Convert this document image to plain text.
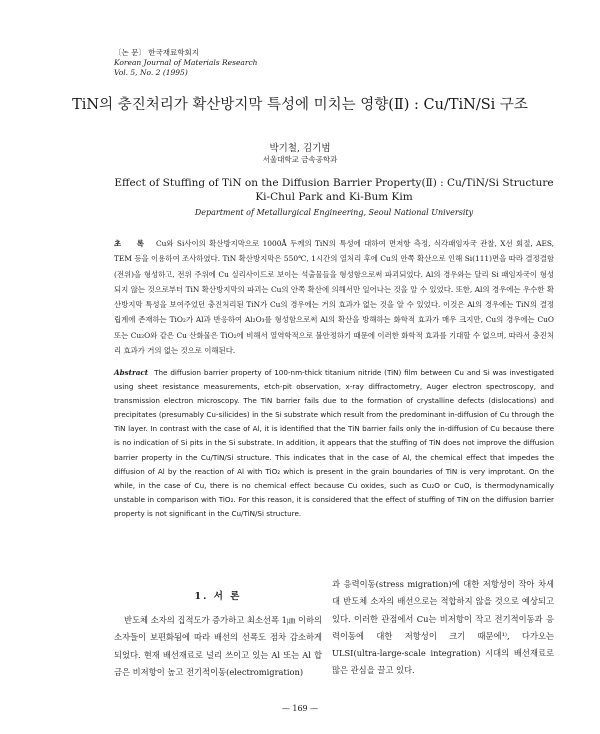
〔논 문〕 한국재료학회지
Korean Journal of Materials Research
Vol. 5, No. 2 (1995)
TiN의 충진처리가 확산방지막 특성에 미치는 영향(Ⅱ) : Cu/TiN/Si 구조
박기철, 김기범
서울대학교 금속공학과
Effect of Stuffing of TiN on the Diffusion Barrier Property(Ⅱ) : Cu/TiN/Si Structure
Ki-Chul Park and Ki-Bum Kim
Department of Metallurgical Engineering, Seoul National University
초 록 Cu와 Si사이의 확산방지막으로 1000Å 두께의 TiN의 특성에 대하여 면저항 측정, 식각패임자국 관찰, X선 회절, AES, TEM 등을 이용하여 조사하였다. TiN 확산방지막은 550℃, 1시간의 열처리 후에 Cu의 안쪽 확산으로 인해 Si(111)면을 따라 결정결함(전위)을 형성하고, 전위 주위에 Cu 실리사이드로 보이는 석출물들을 형성함으로써 파괴되었다. Al의 경우와는 달리 Si 패임자국이 형성되지 않는 것으로부터 TiN 확산방지막의 파괴는 Cu의 안쪽 확산에 의해서만 일어나는 것을 알 수 있었다. 또한, Al의 경우에는 우수한 확산방지막 특성을 보여주었던 충진처리된 TiN가 Cu의 경우에는 거의 효과가 없는 것을 알 수 있었다. 이것은 Al의 경우에는 TiN의 결정립계에 존재하는 TiO₂가 Al과 반응하여 Al₂O₃를 형성함으로써 Al의 확산을 방해하는 화학적 효과가 매우 크지만, Cu의 경우에는 CuO 또는 Cu₂O와 같은 Cu 산화물은 TiO₂에 비해서 열역학적으로 불안정하기 때문에 이러한 화학적 효과를 기대할 수 없으며, 따라서 충진처리 효과가 거의 없는 것으로 이해된다.
Abstract The diffusion barrier property of 100-nm-thick titanium nitride (TiN) film between Cu and Si was investigated using sheet resistance measurements, etch-pit observation, x-ray diffractometry, Auger electron spectroscopy, and transmission electron microscopy. The TiN barrier fails due to the formation of crystalline defects (dislocations) and precipitates (presumably Cu-silicides) in the Si substrate which result from the predominant in-diffusion of Cu through the TiN layer. In contrast with the case of Al, it is identified that the TiN barrier fails only the in-diffusion of Cu because there is no indication of Si pits in the Si substrate. In addition, it appears that the stuffing of TiN does not improve the diffusion barrier property in the Cu/TiN/Si structure. This indicates that in the case of Al, the chemical effect that impedes the diffusion of Al by the reaction of Al with TiO₂ which is present in the grain boundaries of TiN is very improtant. On the while, in the case of Cu, there is no chemical effect because Cu oxides, such as Cu₂O or CuO, is thermodynamically unstable in comparison with TiO₂. For this reason, it is considered that the effect of stuffing of TiN on the diffusion barrier property is not significant in the Cu/TiN/Si structure.
1. 서 론
반도체 소자의 집적도가 증가하고 최소선폭 1㎛ 이하의 소자들이 보편화됨에 따라 배선의 선폭도 점차 감소하게 되었다. 현재 배선재료로 널리 쓰이고 있는 Al 또는 Al 합금은 비저항이 높고 전기적이동(electromigration)
과 응력이동(stress migration)에 대한 저항성이 작아 차세대 반도체 소자의 배선으로는 적합하지 않을 것으로 예상되고 있다. 이러한 관점에서 Cu는 비저항이 작고 전기적이동과 응력이동에 대한 저항성이 크기 때문에¹⁾, 다가오는 ULSI(ultra-large-scale integration) 시대의 배선재료로 많은 관심을 끌고 있다.
— 169 —
